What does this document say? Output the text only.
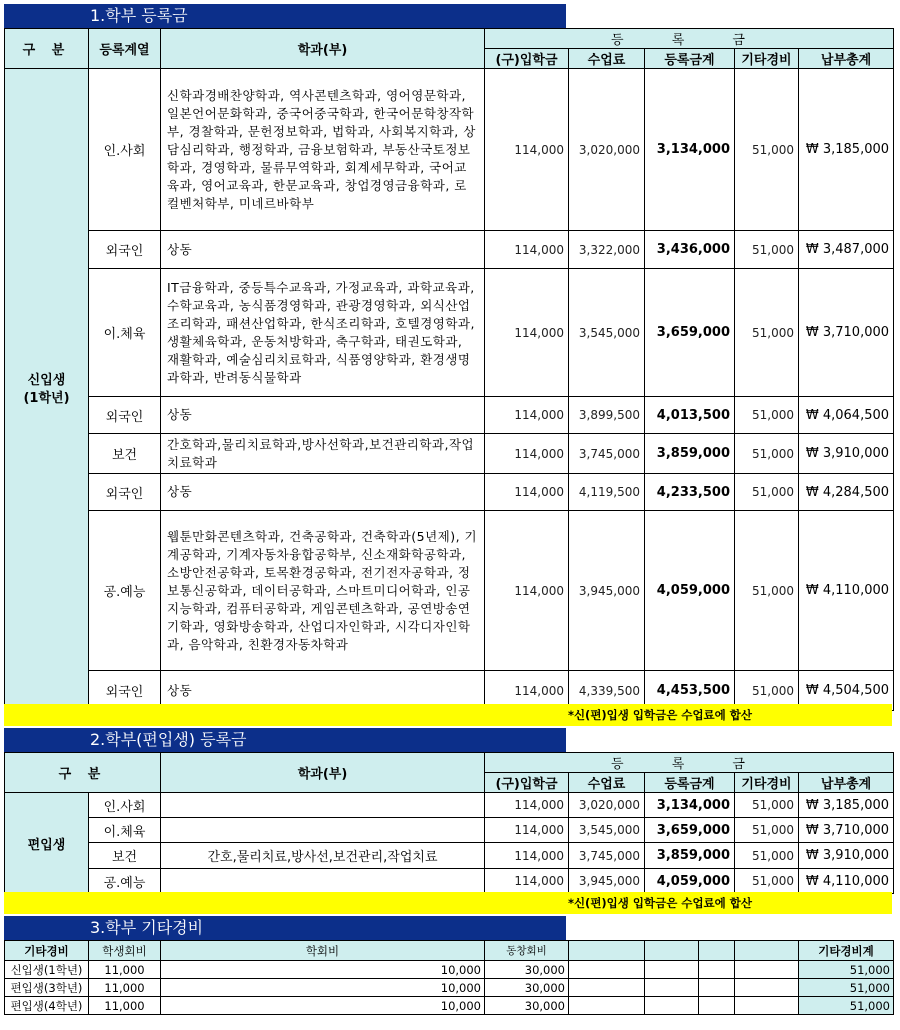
1.학부 등록금
구 분	등록계열	학과(부)	등 록 금				
			(구)입학금	수업료	등록금계	기타경비	납부총계
신입생
(1학년)	인.사회	신학과경배찬양학과, 역사콘텐츠학과, 영어영문학과, 일본언어문화학과, 중국어중국학과, 한국어문학창작학부, 경찰학과, 문헌정보학과, 법학과, 사회복지학과, 상담심리학과, 행정학과, 금융보험학과, 부동산국토정보학과, 경영학과, 물류무역학과, 회계세무학과, 국어교육과, 영어교육과, 한문교육과, 창업경영금융학과, 로컬벤처학부, 미네르바학부	114,000	3,020,000	3,134,000	51,000	₩ 3,185,000
	외국인	상동	114,000	3,322,000	3,436,000	51,000	₩ 3,487,000
	이.체육	IT금융학과, 중등특수교육과, 가정교육과, 과학교육과, 수학교육과, 농식품경영학과, 관광경영학과, 외식산업조리학과, 패션산업학과, 한식조리학과, 호텔경영학과, 생활체육학과, 운동처방학과, 축구학과, 태권도학과, 재활학과, 예술심리치료학과, 식품영양학과, 환경생명과학과, 반려동식물학과	114,000	3,545,000	3,659,000	51,000	₩ 3,710,000
	외국인	상동	114,000	3,899,500	4,013,500	51,000	₩ 4,064,500
	보건	간호학과,물리치료학과,방사선학과,보건관리학과,작업치료학과	114,000	3,745,000	3,859,000	51,000	₩ 3,910,000
	외국인	상동	114,000	4,119,500	4,233,500	51,000	₩ 4,284,500
	공.예능	웹툰만화콘텐츠학과, 건축공학과, 건축학과(5년제), 기계공학과, 기계자동차융합공학부, 신소재화학공학과, 소방안전공학과, 토목환경공학과, 전기전자공학과, 정보통신공학과, 데이터공학과, 스마트미디어학과, 인공지능학과, 컴퓨터공학과, 게임콘텐츠학과, 공연방송연기학과, 영화방송학과, 산업디자인학과, 시각디자인학과, 음악학과, 친환경자동차학과	114,000	3,945,000	4,059,000	51,000	₩ 4,110,000
	외국인	상동	114,000	4,339,500	4,453,500	51,000	₩ 4,504,500
*신(편)입생 입학금은 수업료에 합산
2.학부(편입생) 등록금
구 분		학과(부)	등 록 금				
			(구)입학금	수업료	등록금계	기타경비	납부총계
편입생	인.사회		114,000	3,020,000	3,134,000	51,000	₩ 3,185,000
	이.체육		114,000	3,545,000	3,659,000	51,000	₩ 3,710,000
	보건	간호,물리치료,방사선,보건관리,작업치료	114,000	3,745,000	3,859,000	51,000	₩ 3,910,000
	공.예능		114,000	3,945,000	4,059,000	51,000	₩ 4,110,000
*신(편)입생 입학금은 수업료에 합산
3.학부 기타경비
기타경비	학생회비	학회비	동창회비					기타경비계
신입생(1학년)	11,000	10,000	30,000					51,000
편입생(3학년)	11,000	10,000	30,000					51,000
편입생(4학년)	11,000	10,000	30,000					51,000
